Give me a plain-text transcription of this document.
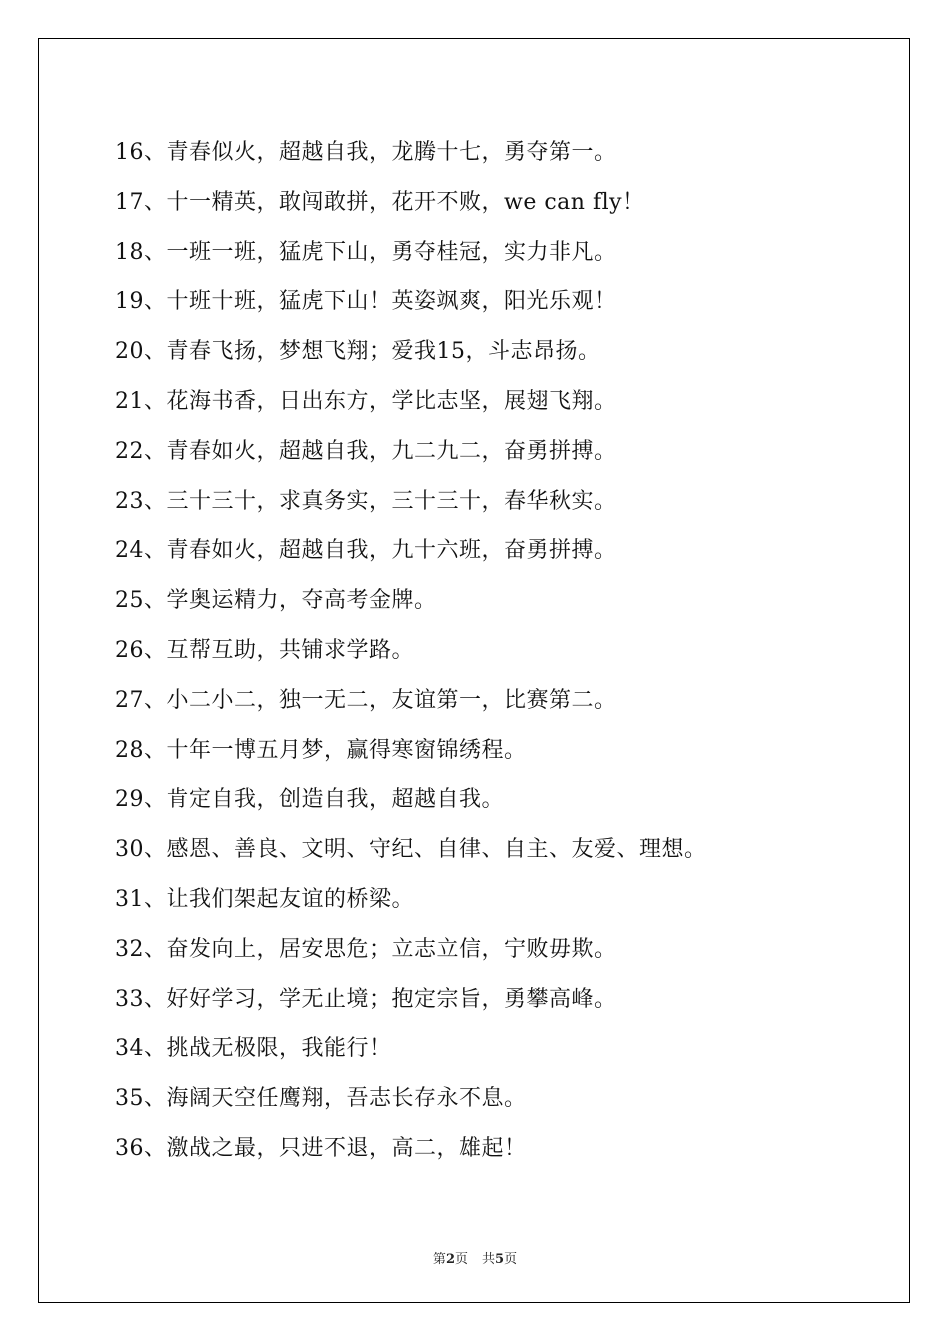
16、青春似火，超越自我，龙腾十七，勇夺第一。
17、十一精英，敢闯敢拼，花开不败，we can fly！
18、一班一班，猛虎下山，勇夺桂冠，实力非凡。
19、十班十班，猛虎下山！英姿飒爽，阳光乐观！
20、青春飞扬，梦想飞翔；爱我15，斗志昂扬。
21、花海书香，日出东方，学比志坚，展翅飞翔。
22、青春如火，超越自我，九二九二，奋勇拼搏。
23、三十三十，求真务实，三十三十，春华秋实。
24、青春如火，超越自我，九十六班，奋勇拼搏。
25、学奥运精力，夺高考金牌。
26、互帮互助，共铺求学路。
27、小二小二，独一无二，友谊第一，比赛第二。
28、十年一博五月梦，赢得寒窗锦绣程。
29、肯定自我，创造自我，超越自我。
30、感恩、善良、文明、守纪、自律、自主、友爱、理想。
31、让我们架起友谊的桥梁。
32、奋发向上，居安思危；立志立信，宁败毋欺。
33、好好学习，学无止境；抱定宗旨，勇攀高峰。
34、挑战无极限，我能行！
35、海阔天空任鹰翔，吾志长存永不息。
36、激战之最，只进不退，高二，雄起！
第2页 共5页
